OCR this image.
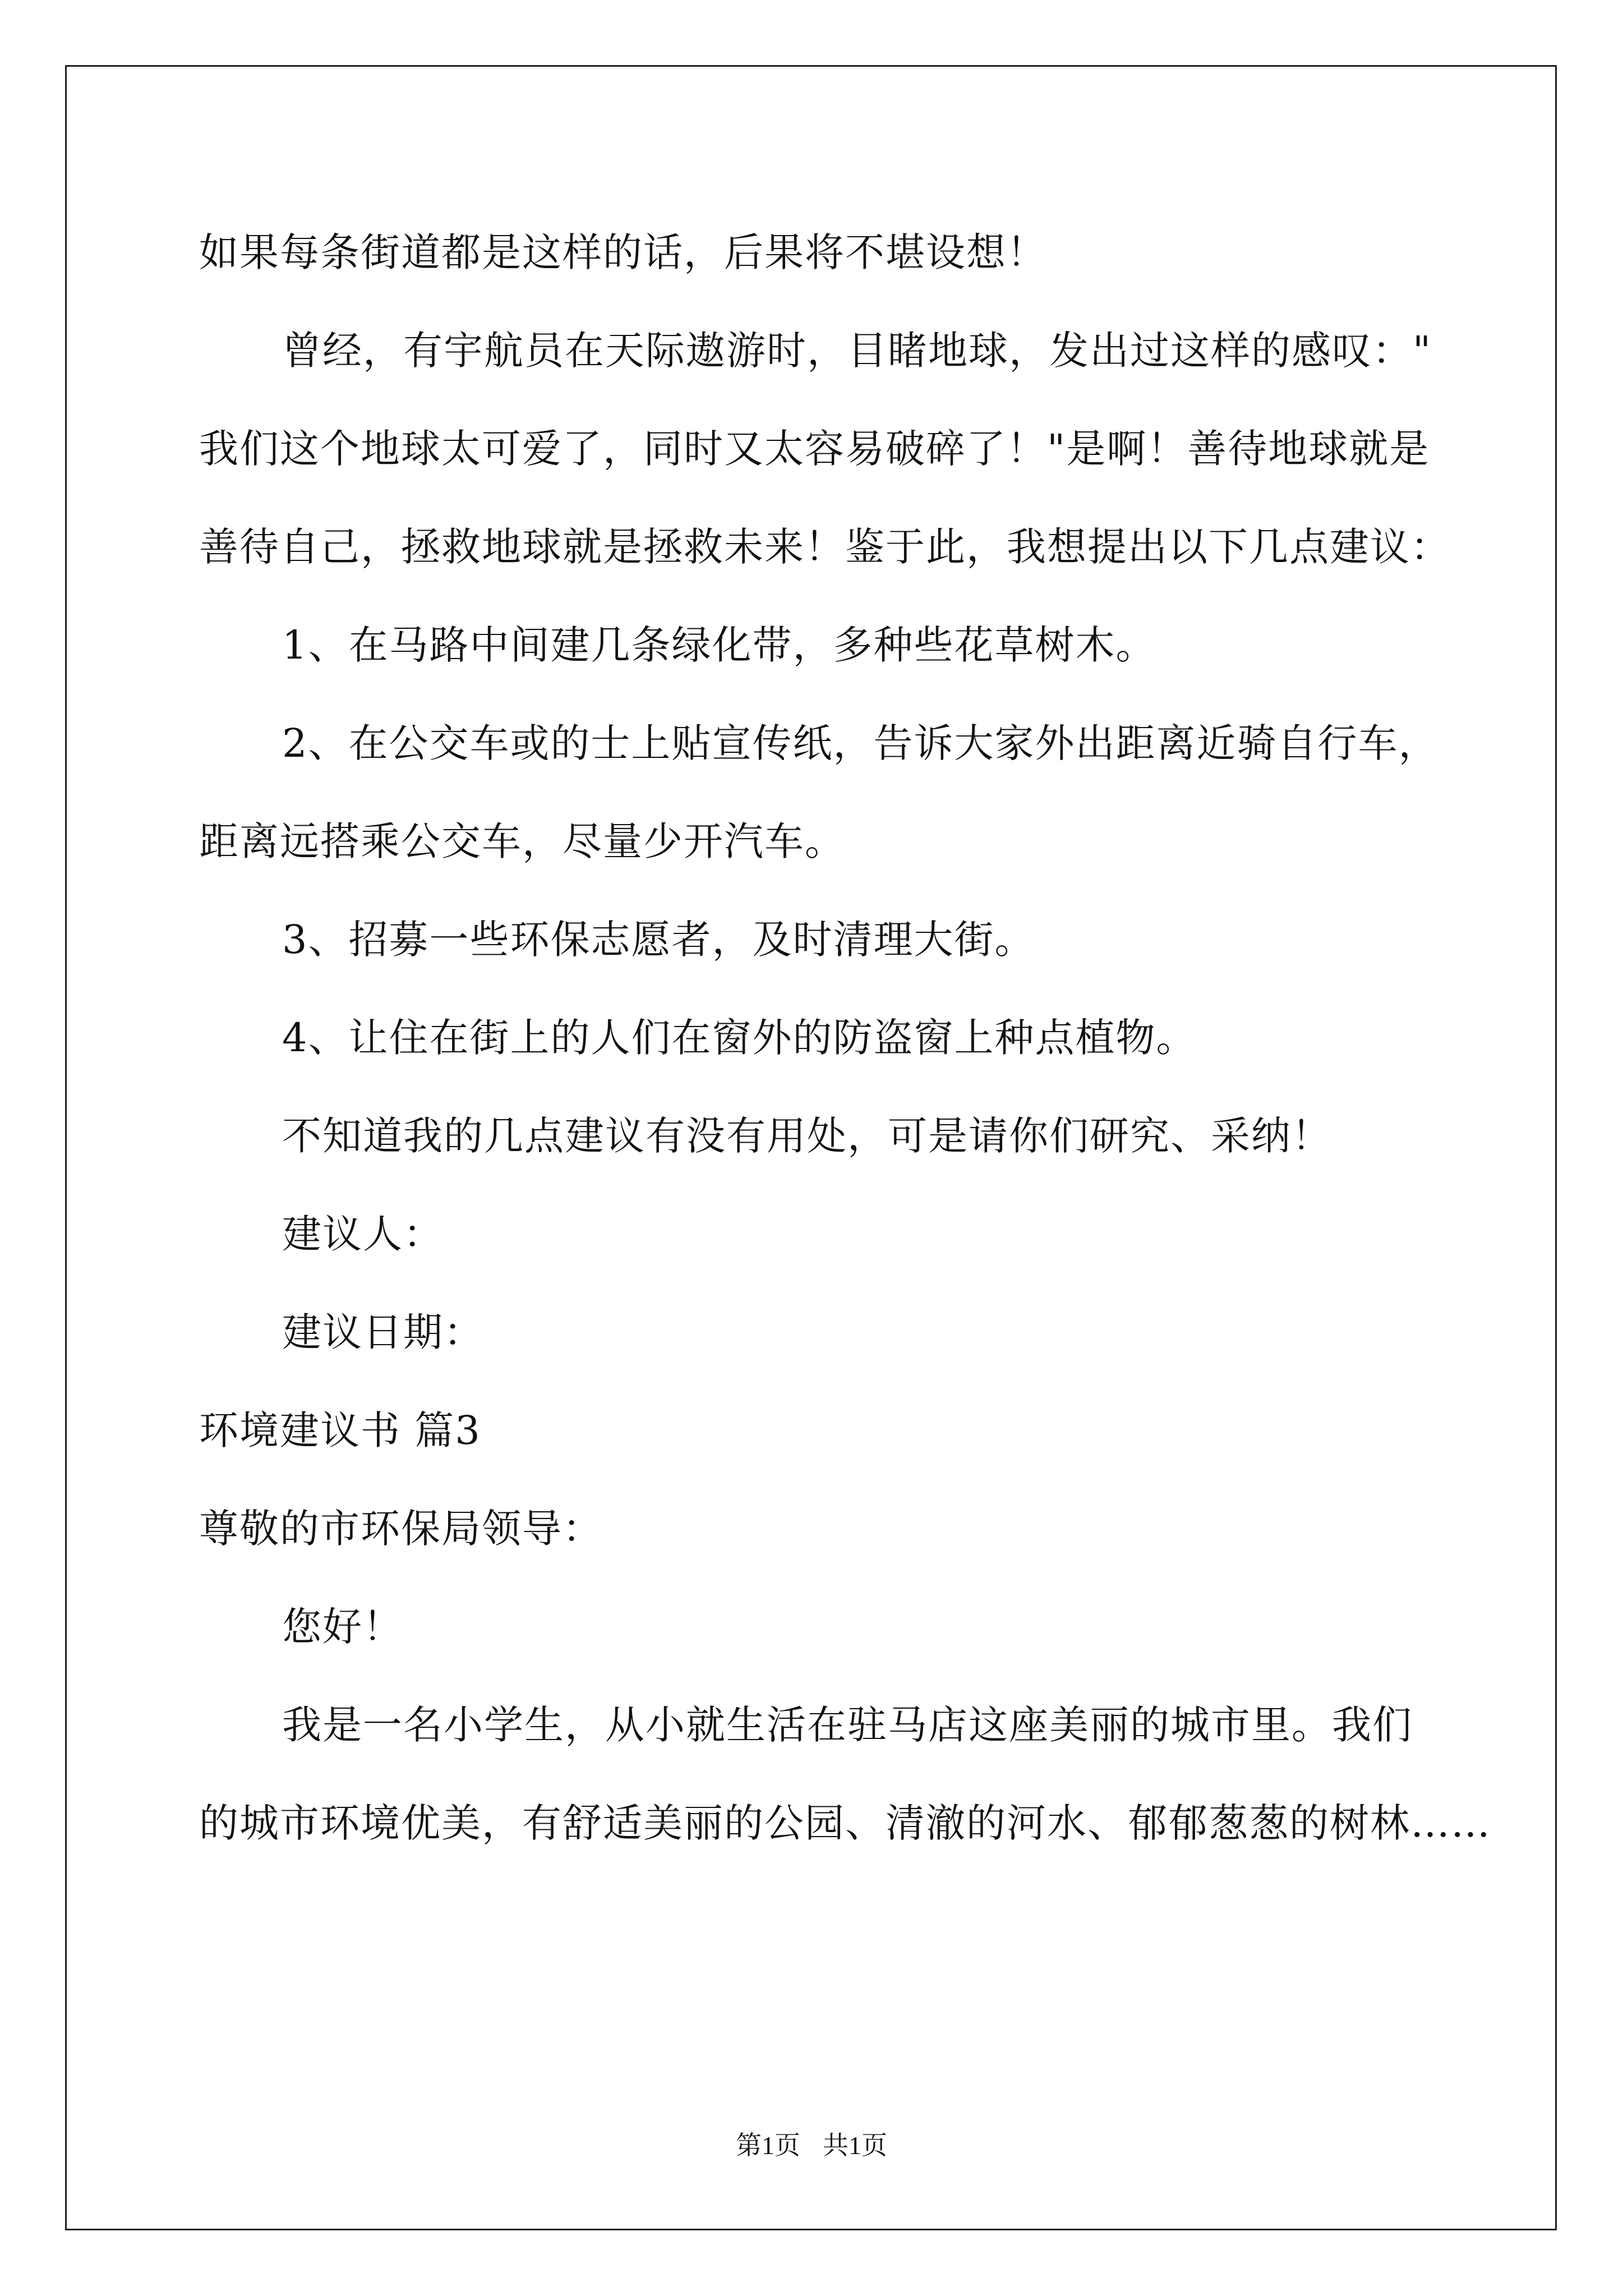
如果每条街道都是这样的话，后果将不堪设想！
曾经，有宇航员在天际遨游时，目睹地球，发出过这样的感叹："
我们这个地球太可爱了，同时又太容易破碎了！"是啊！善待地球就是
善待自己，拯救地球就是拯救未来！鉴于此，我想提出以下几点建议：
1、在马路中间建几条绿化带，多种些花草树木。
2、在公交车或的士上贴宣传纸，告诉大家外出距离近骑自行车，
距离远搭乘公交车，尽量少开汽车。
3、招募一些环保志愿者，及时清理大街。
4、让住在街上的人们在窗外的防盗窗上种点植物。
不知道我的几点建议有没有用处，可是请你们研究、采纳！
建议人：
建议日期：
环境建议书 篇3
尊敬的市环保局领导：
您好！
我是一名小学生，从小就生活在驻马店这座美丽的城市里。我们
的城市环境优美，有舒适美丽的公园、清澈的河水、郁郁葱葱的树林……
第1页 共1页
